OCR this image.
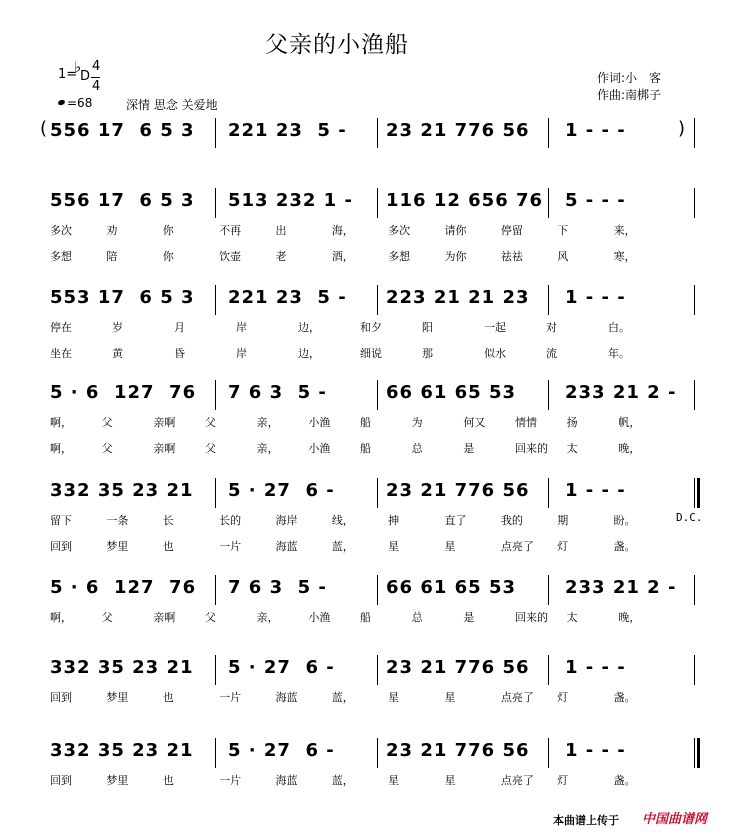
父亲的小渔船
1=
♭
D
4
4
=68	深情 思念 关爱地
作词:小　客
作曲:南梆子
556 17  6 5 3 221 23  5 - 23 21 776 56 1 - - -
556 17  6 5 3 513 232 1 - 116 12 656 76 5 - - -
多次	劝	你	不再	出	海，	多次	请你	停留	下	来，
多想	陪	你	饮壶	老	酒，	多想	为你	祛祛	风	寒，
553 17  6 5 3 221 23  5 - 223 21 21 23 1 - - -
停在	岁	月	岸	边，	和夕	阳	一起	对	白。
坐在	黄	昏	岸	边，	细说	那	似水	流	年。
5 · 6  127  76 7 6 3  5 -	66 61 65 53	233 21 2 -
啊，	父	亲啊	父	亲，	小渔	船	为	何又	情情	扬	帆，
啊，	父	亲啊	父	亲，	小渔	船	总	是	回来的 太	晚，
332 35 23 21 5 · 27  6 -	23 21 776 56 1 - - -
留下	一条	长	长的	海岸	线，	抻	直了	我的	期	盼。
回到	梦里	也	一片	海蓝	蓝，	星	星	点亮了 灯	盏。
5 · 6  127  76 7 6 3  5 -	66 61 65 53	233 21 2 -
啊，	父	亲啊	父	亲，	小渔	船	总	是	回来的 太	晚，
332 35 23 21 5 · 27  6 -	23 21 776 56 1 - - -
回到	梦里	也	一片	海蓝	蓝，	星	星	点亮了 灯	盏。
332 35 23 21 5 · 27  6 -	23 21 776 56 1 - - -
回到	梦里	也	一片	海蓝	蓝，	星	星	点亮了 灯	盏。
(	)
D.C.
本曲谱上传于 中国曲谱网
